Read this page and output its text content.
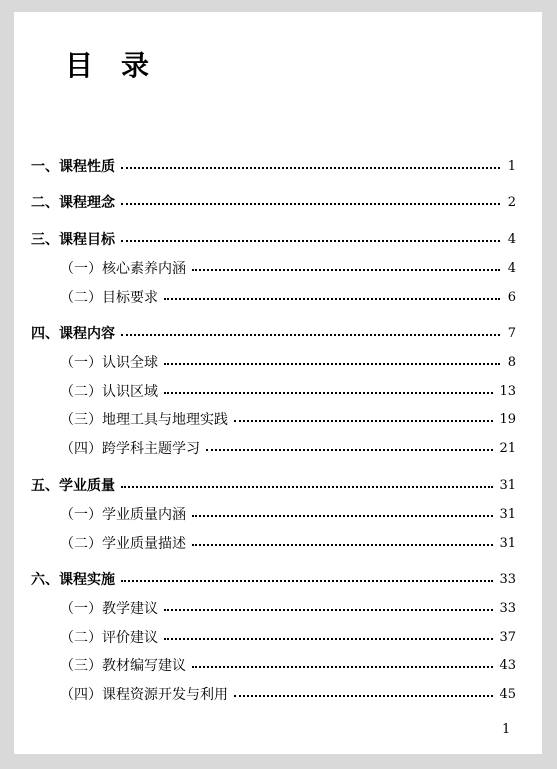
目录
一、课程性质	1
二、课程理念	2
三、课程目标	4
（一）核心素养内涵	4
（二）目标要求	6
四、课程内容	7
（一）认识全球	8
（二）认识区域	13
（三）地理工具与地理实践	19
（四）跨学科主题学习	21
五、学业质量	31
（一）学业质量内涵	31
（二）学业质量描述	31
六、课程实施	33
（一）教学建议	33
（二）评价建议	37
（三）教材编写建议	43
（四）课程资源开发与利用	45
1
